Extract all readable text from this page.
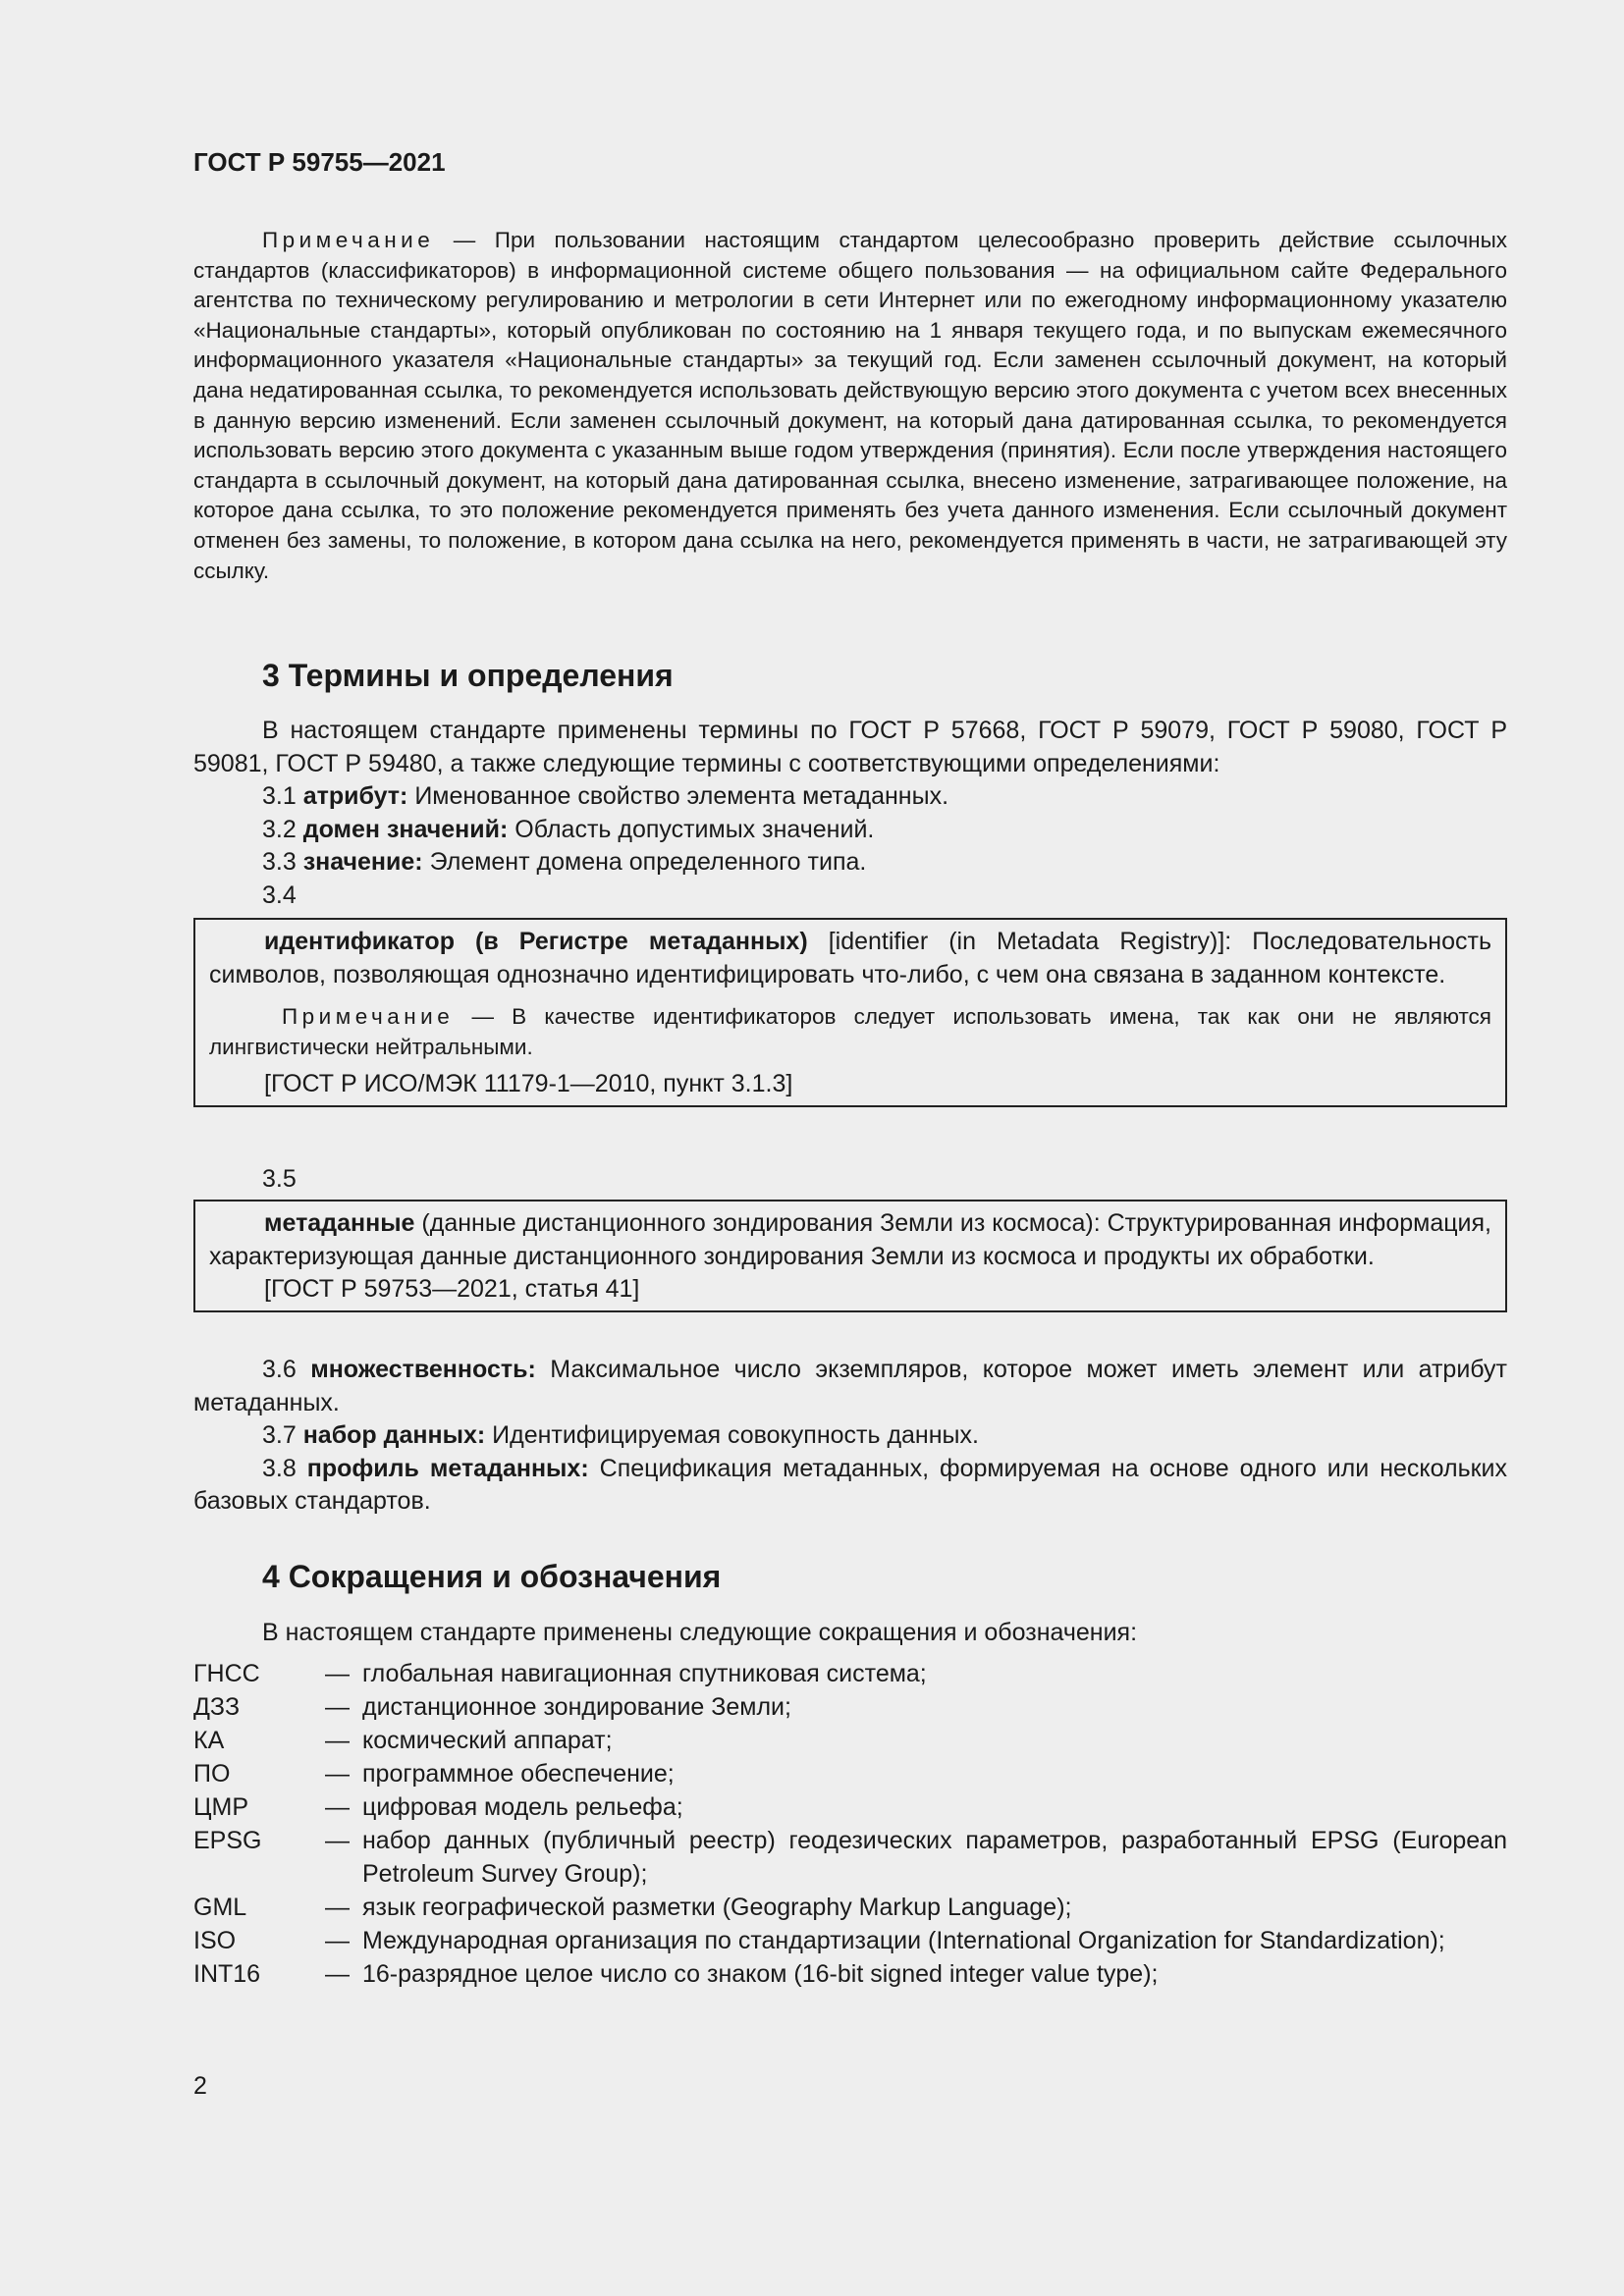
ГОСТ Р 59755—2021
Примечание — При пользовании настоящим стандартом целесообразно проверить действие ссылочных стандартов (классификаторов) в информационной системе общего пользования — на официальном сайте Федерального агентства по техническому регулированию и метрологии в сети Интернет или по ежегодному информационному указателю «Национальные стандарты», который опубликован по состоянию на 1 января текущего года, и по выпускам ежемесячного информационного указателя «Национальные стандарты» за текущий год. Если заменен ссылочный документ, на который дана недатированная ссылка, то рекомендуется использовать действующую версию этого документа с учетом всех внесенных в данную версию изменений. Если заменен ссылочный документ, на который дана датированная ссылка, то рекомендуется использовать версию этого документа с указанным выше годом утверждения (принятия). Если после утверждения настоящего стандарта в ссылочный документ, на который дана датированная ссылка, внесено изменение, затрагивающее положение, на которое дана ссылка, то это положение рекомендуется применять без учета данного изменения. Если ссылочный документ отменен без замены, то положение, в котором дана ссылка на него, рекомендуется применять в части, не затрагивающей эту ссылку.
3 Термины и определения

В настоящем стандарте применены термины по ГОСТ Р 57668, ГОСТ Р 59079, ГОСТ Р 59080, ГОСТ Р 59081, ГОСТ Р 59480, а также следующие термины с соответствующими определениями:

3.1 атрибут: Именованное свойство элемента метаданных.

3.2 домен значений: Область допустимых значений.

3.3 значение: Элемент домена определенного типа.

3.4

идентификатор (в Регистре метаданных) [identifier (in Metadata Registry)]: Последовательность символов, позволяющая однозначно идентифицировать что-либо, с чем она связана в заданном контексте.

Примечание — В качестве идентификаторов следует использовать имена, так как они не являются лингвистически нейтральными.

[ГОСТ Р ИСО/МЭК 11179-1—2010, пункт 3.1.3]

3.5

метаданные (данные дистанционного зондирования Земли из космоса): Структурированная информация, характеризующая данные дистанционного зондирования Земли из космоса и продукты их обработки.

[ГОСТ Р 59753—2021, статья 41]

3.6 множественность: Максимальное число экземпляров, которое может иметь элемент или атрибут метаданных.

3.7 набор данных: Идентифицируемая совокупность данных.

3.8 профиль метаданных: Спецификация метаданных, формируемая на основе одного или нескольких базовых стандартов.

4 Сокращения и обозначения

В настоящем стандарте применены следующие сокращения и обозначения:

ГНСС	— глобальная навигационная спутниковая система;
ДЗЗ	— дистанционное зондирование Земли;
КА	— космический аппарат;
ПО	— программное обеспечение;
ЦМР	— цифровая модель рельефа;
EPSG	— набор данных (публичный реестр) геодезических параметров, разработанный EPSG (European Petroleum Survey Group);
GML	— язык географической разметки (Geography Markup Language);
ISO	— Международная организация по стандартизации (International Organization for Standardization);
INT16	— 16-разрядное целое число со знаком (16-bit signed integer value type);
2
